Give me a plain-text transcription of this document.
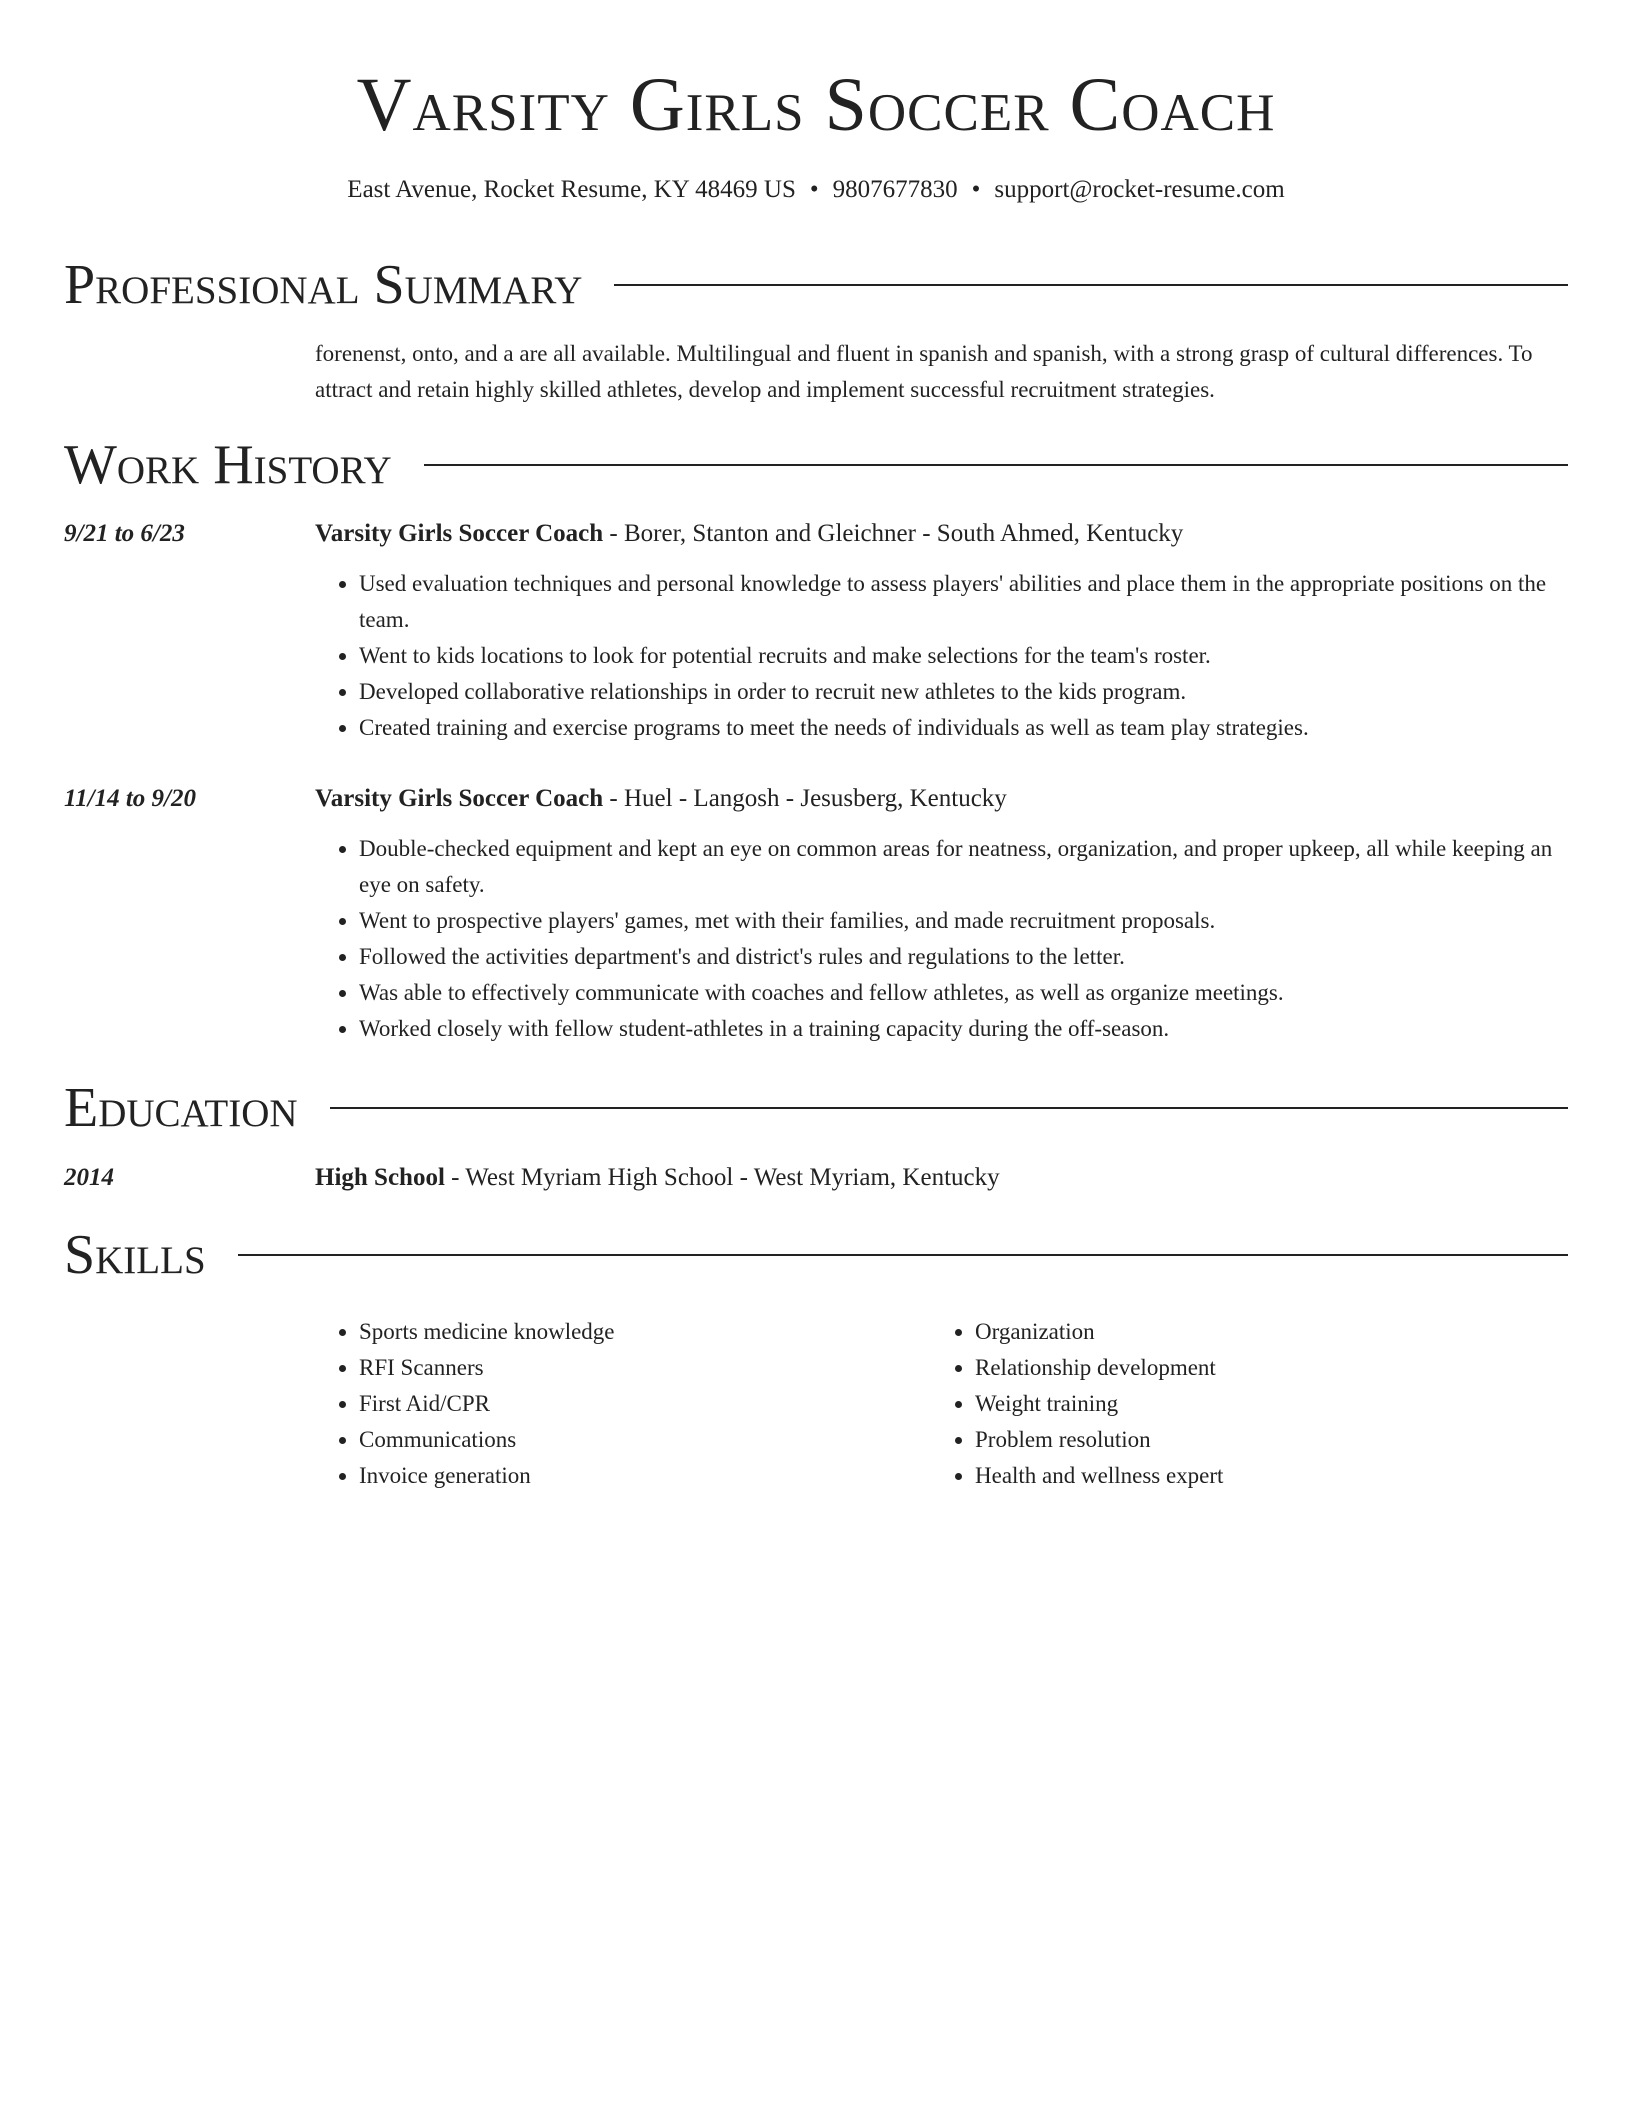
Varsity Girls Soccer Coach
East Avenue, Rocket Resume, KY 48469 US • 9807677830 • support@rocket-resume.com
Professional Summary

forenenst, onto, and a are all available. Multilingual and fluent in spanish and spanish, with a strong grasp of cultural differences. To attract and retain highly skilled athletes, develop and implement successful recruitment strategies.

Work History
9/21 to 6/23	Varsity Girls Soccer Coach - Borer, Stanton and Gleichner - South Ahmed, Kentucky
• Used evaluation techniques and personal knowledge to assess players' abilities and place them in the appropriate positions on the team.
• Went to kids locations to look for potential recruits and make selections for the team's roster.
• Developed collaborative relationships in order to recruit new athletes to the kids program.
• Created training and exercise programs to meet the needs of individuals as well as team play strategies.
11/14 to 9/20	Varsity Girls Soccer Coach - Huel - Langosh - Jesusberg, Kentucky
• Double-checked equipment and kept an eye on common areas for neatness, organization, and proper upkeep, all while keeping an eye on safety.
• Went to prospective players' games, met with their families, and made recruitment proposals.
• Followed the activities department's and district's rules and regulations to the letter.
• Was able to effectively communicate with coaches and fellow athletes, as well as organize meetings.
• Worked closely with fellow student-athletes in a training capacity during the off-season.
Education
2014	High School - West Myriam High School - West Myriam, Kentucky
Skills
• Sports medicine knowledge
• RFI Scanners
• First Aid/CPR
• Communications
• Invoice generation
• Organization
• Relationship development
• Weight training
• Problem resolution
• Health and wellness expert
